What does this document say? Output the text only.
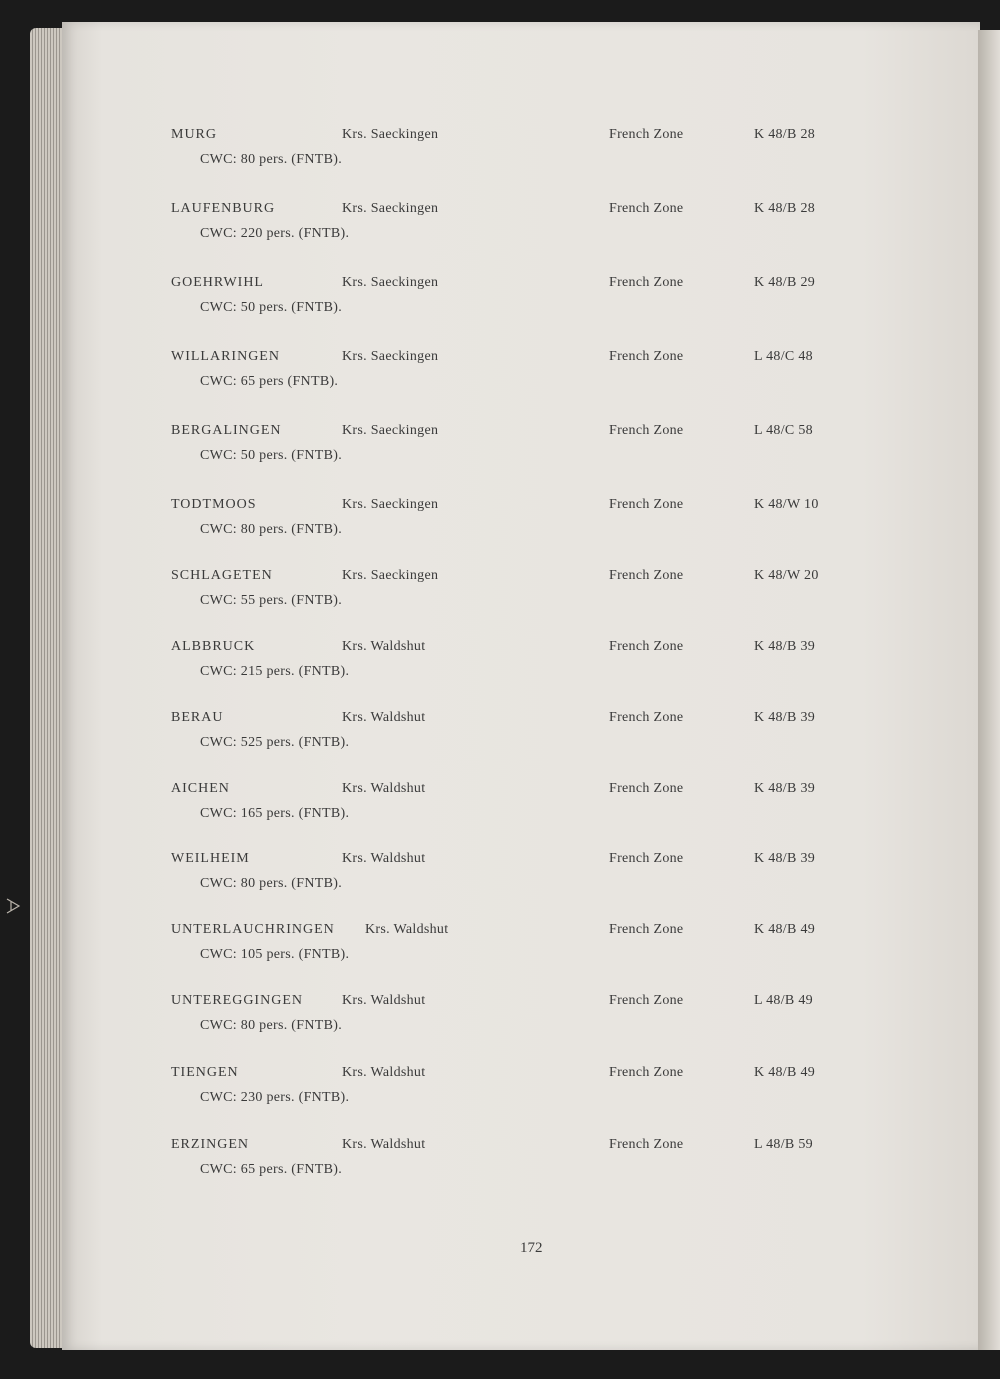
MURG	Krs. Saeckingen	French Zone	K 48/B 28
CWC: 80 pers. (FNTB).
LAUFENBURG	Krs. Saeckingen	French Zone	K 48/B 28
CWC: 220 pers. (FNTB).
GOEHRWIHL	Krs. Saeckingen	French Zone	K 48/B 29
CWC: 50 pers. (FNTB).
WILLARINGEN	Krs. Saeckingen	French Zone	L 48/C 48
CWC: 65 pers (FNTB).
BERGALINGEN	Krs. Saeckingen	French Zone	L 48/C 58
CWC: 50 pers. (FNTB).
TODTMOOS	Krs. Saeckingen	French Zone	K 48/W 10
CWC: 80 pers. (FNTB).
SCHLAGETEN	Krs. Saeckingen	French Zone	K 48/W 20
CWC: 55 pers. (FNTB).
ALBBRUCK	Krs. Waldshut	French Zone	K 48/B 39
CWC: 215 pers. (FNTB).
BERAU	Krs. Waldshut	French Zone	K 48/B 39
CWC: 525 pers. (FNTB).
AICHEN	Krs. Waldshut	French Zone	K 48/B 39
CWC: 165 pers. (FNTB).
WEILHEIM	Krs. Waldshut	French Zone	K 48/B 39
CWC: 80 pers. (FNTB).
UNTERLAUCHRINGEN Krs. Waldshut	French Zone	K 48/B 49
CWC: 105 pers. (FNTB).
UNTEREGGINGEN	Krs. Waldshut	French Zone	L 48/B 49
CWC: 80 pers. (FNTB).
TIENGEN	Krs. Waldshut	French Zone	K 48/B 49
CWC: 230 pers. (FNTB).
ERZINGEN	Krs. Waldshut	French Zone	L 48/B 59
CWC: 65 pers. (FNTB).
172
